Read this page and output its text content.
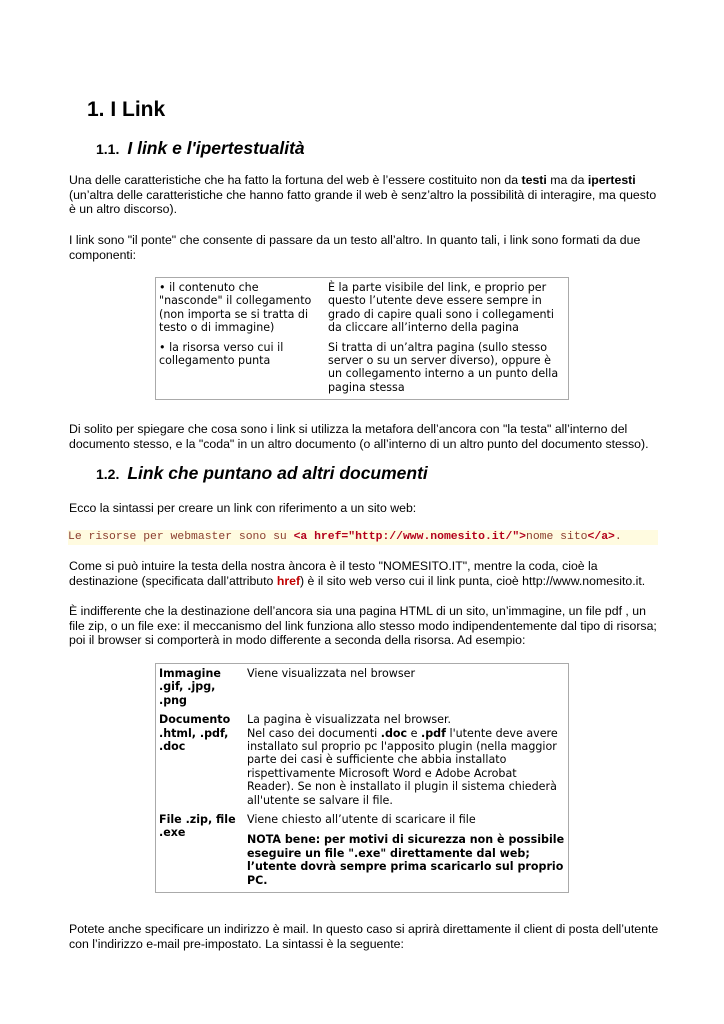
1. I Link
1.1. I link e l'ipertestualità

Una delle caratteristiche che ha fatto la fortuna del web è l’essere costituito non da testi ma da ipertesti (un’altra delle caratteristiche che hanno fatto grande il web è senz’altro la possibilità di interagire, ma questo è un altro discorso).

I link sono "il ponte" che consente di passare da un testo all’altro. In quanto tali, i link sono formati da due componenti:

• il contenuto che "nasconde" il collegamento (non importa se si tratta di testo o di immagine)	È la parte visibile del link, e proprio per questo l’utente deve essere sempre in grado di capire quali sono i collegamenti da cliccare all’interno della pagina
• la risorsa verso cui il collegamento punta	Si tratta di un’altra pagina (sullo stesso server o su un server diverso), oppure è un collegamento interno a un punto della pagina stessa

Di solito per spiegare che cosa sono i link si utilizza la metafora dell’ancora con "la testa" all’interno del documento stesso, e la "coda" in un altro documento (o all’interno di un altro punto del documento stesso).

1.2. Link che puntano ad altri documenti

Ecco la sintassi per creare un link con riferimento a un sito web:

Le risorse per webmaster sono su <a href="http://www.nomesito.it/">nome sito</a>.

Come si può intuire la testa della nostra àncora è il testo "NOMESITO.IT", mentre la coda, cioè la destinazione (specificata dall’attributo href) è il sito web verso cui il link punta, cioè http://www.nomesito.it.

È indifferente che la destinazione dell’ancora sia una pagina HTML di un sito, un’immagine, un file pdf , un file zip, o un file exe: il meccanismo del link funziona allo stesso modo indipendentemente dal tipo di risorsa; poi il browser si comporterà in modo differente a seconda della risorsa. Ad esempio:

Immagine .gif, .jpg, .png	Viene visualizzata nel browser
Documento .html, .pdf, .doc	La pagina è visualizzata nel browser.
Nel caso dei documenti .doc e .pdf l'utente deve avere installato sul proprio pc l'apposito plugin (nella maggior parte dei casi è sufficiente che abbia installato rispettivamente Microsoft Word e Adobe Acrobat Reader). Se non è installato il plugin il sistema chiederà all'utente se salvare il file.
File .zip, file .exe	Viene chiesto all’utente di scaricare il file
NOTA bene: per motivi di sicurezza non è possibile eseguire un file ".exe" direttamente dal web; l’utente dovrà sempre prima scaricarlo sul proprio PC.

Potete anche specificare un indirizzo è mail. In questo caso si aprirà direttamente il client di posta dell’utente con l’indirizzo e-mail pre-impostato. La sintassi è la seguente:
